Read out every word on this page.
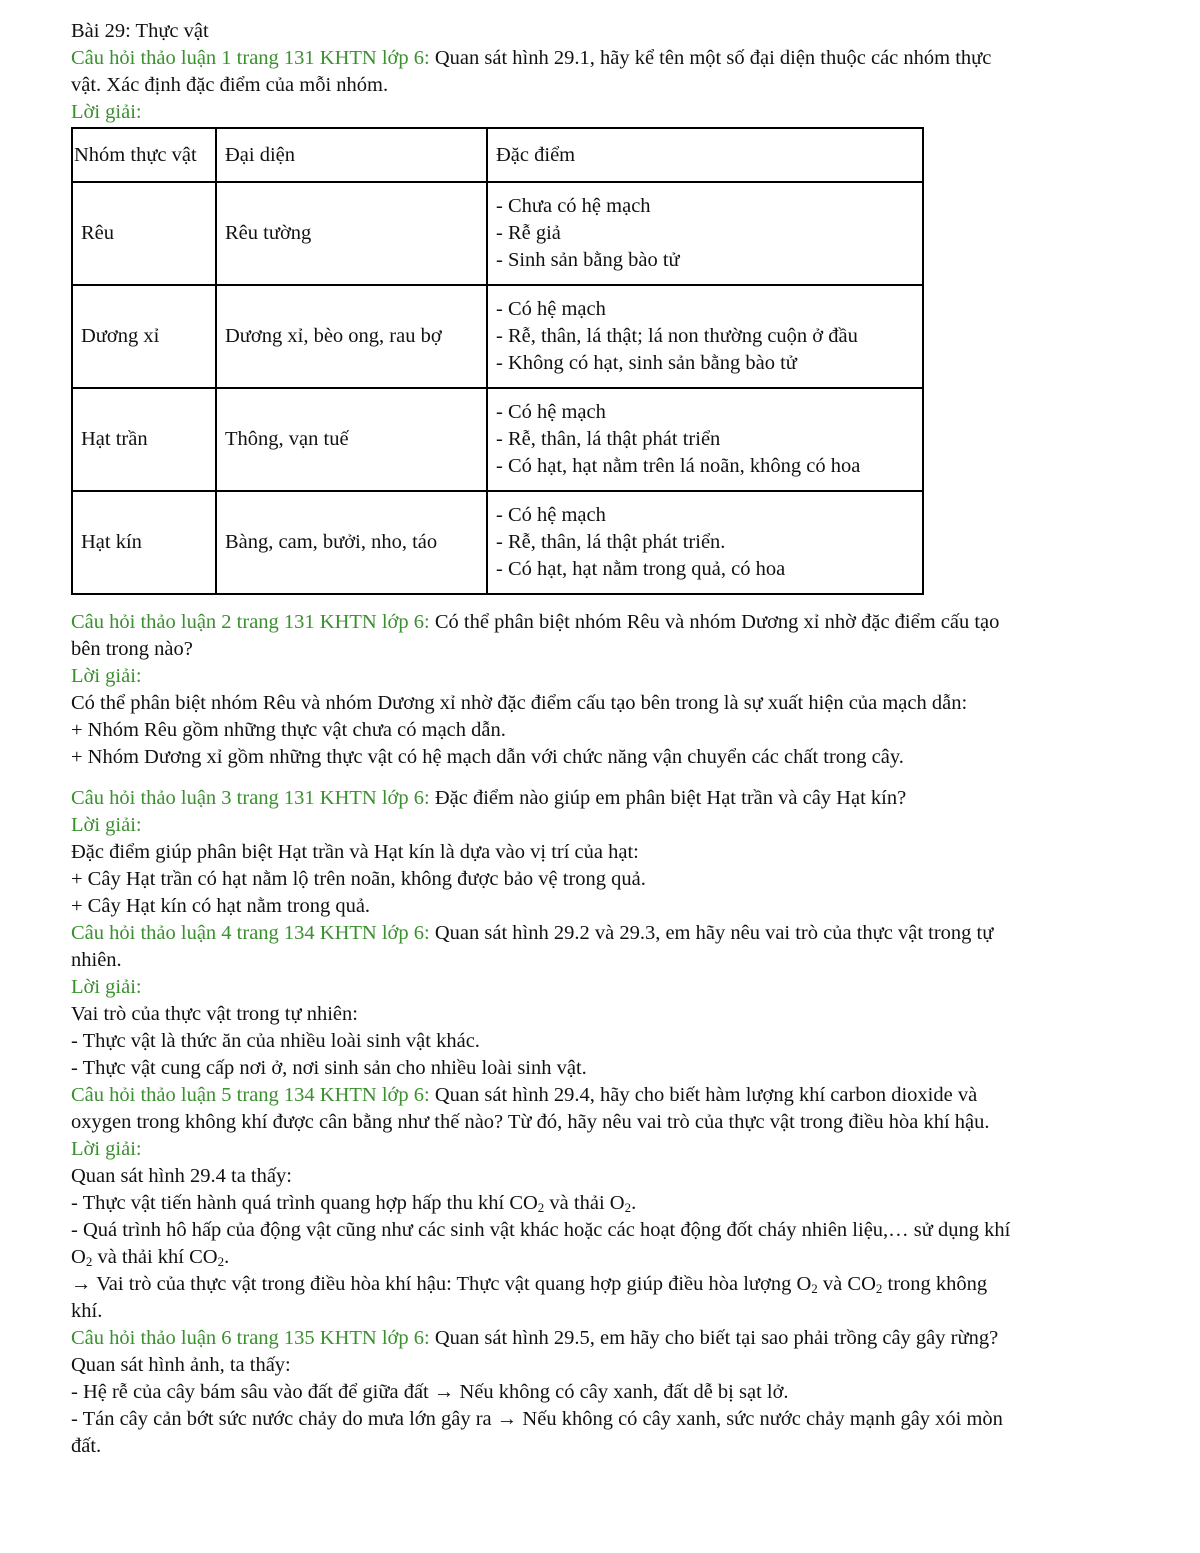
Bài 29: Thực vật
Câu hỏi thảo luận 1 trang 131 KHTN lớp 6: Quan sát hình 29.1, hãy kể tên một số đại diện thuộc các nhóm thực
vật. Xác định đặc điểm của mỗi nhóm.
Lời giải:
Nhóm thực vật	Đại diện	Đặc điểm
Rêu	Rêu tường	- Chưa có hệ mạch
- Rễ giả
- Sinh sản bằng bào tử

Dương xỉ	Dương xỉ, bèo ong, rau bợ	- Có hệ mạch
- Rễ, thân, lá thật; lá non thường cuộn ở đầu
- Không có hạt, sinh sản bằng bào tử

Hạt trần	Thông, vạn tuế	- Có hệ mạch
- Rễ, thân, lá thật phát triển
- Có hạt, hạt nằm trên lá noãn, không có hoa

Hạt kín	Bàng, cam, bưởi, nho, táo	- Có hệ mạch
- Rễ, thân, lá thật phát triển.
- Có hạt, hạt nằm trong quả, có hoa
Câu hỏi thảo luận 2 trang 131 KHTN lớp 6: Có thể phân biệt nhóm Rêu và nhóm Dương xỉ nhờ đặc điểm cấu tạo
bên trong nào?
Lời giải:
Có thể phân biệt nhóm Rêu và nhóm Dương xỉ nhờ đặc điểm cấu tạo bên trong là sự xuất hiện của mạch dẫn:
+ Nhóm Rêu gồm những thực vật chưa có mạch dẫn.
+ Nhóm Dương xỉ gồm những thực vật có hệ mạch dẫn với chức năng vận chuyển các chất trong cây.
Câu hỏi thảo luận 3 trang 131 KHTN lớp 6: Đặc điểm nào giúp em phân biệt Hạt trần và cây Hạt kín?
Lời giải:
Đặc điểm giúp phân biệt Hạt trần và Hạt kín là dựa vào vị trí của hạt:
+ Cây Hạt trần có hạt nằm lộ trên noãn, không được bảo vệ trong quả.
+ Cây Hạt kín có hạt nằm trong quả.
Câu hỏi thảo luận 4 trang 134 KHTN lớp 6: Quan sát hình 29.2 và 29.3, em hãy nêu vai trò của thực vật trong tự
nhiên.
Lời giải:
Vai trò của thực vật trong tự nhiên:
- Thực vật là thức ăn của nhiều loài sinh vật khác.
- Thực vật cung cấp nơi ở, nơi sinh sản cho nhiều loài sinh vật.
Câu hỏi thảo luận 5 trang 134 KHTN lớp 6: Quan sát hình 29.4, hãy cho biết hàm lượng khí carbon dioxide và
oxygen trong không khí được cân bằng như thế nào? Từ đó, hãy nêu vai trò của thực vật trong điều hòa khí hậu.
Lời giải:
Quan sát hình 29.4 ta thấy:
- Thực vật tiến hành quá trình quang hợp hấp thu khí $CO_2$ và thải $O_2$.
- Quá trình hô hấp của động vật cũng như các sinh vật khác hoặc các hoạt động đốt cháy nhiên liệu,… sử dụng khí
$O_2$ và thải khí $CO_2$.
→ Vai trò của thực vật trong điều hòa khí hậu: Thực vật quang hợp giúp điều hòa lượng $O_2$ và $CO_2$ trong không
khí.
Câu hỏi thảo luận 6 trang 135 KHTN lớp 6: Quan sát hình 29.5, em hãy cho biết tại sao phải trồng cây gây rừng?
Quan sát hình ảnh, ta thấy:
- Hệ rễ của cây bám sâu vào đất để giữa đất → Nếu không có cây xanh, đất dễ bị sạt lở.
- Tán cây cản bớt sức nước chảy do mưa lớn gây ra → Nếu không có cây xanh, sức nước chảy mạnh gây xói mòn
đất.
